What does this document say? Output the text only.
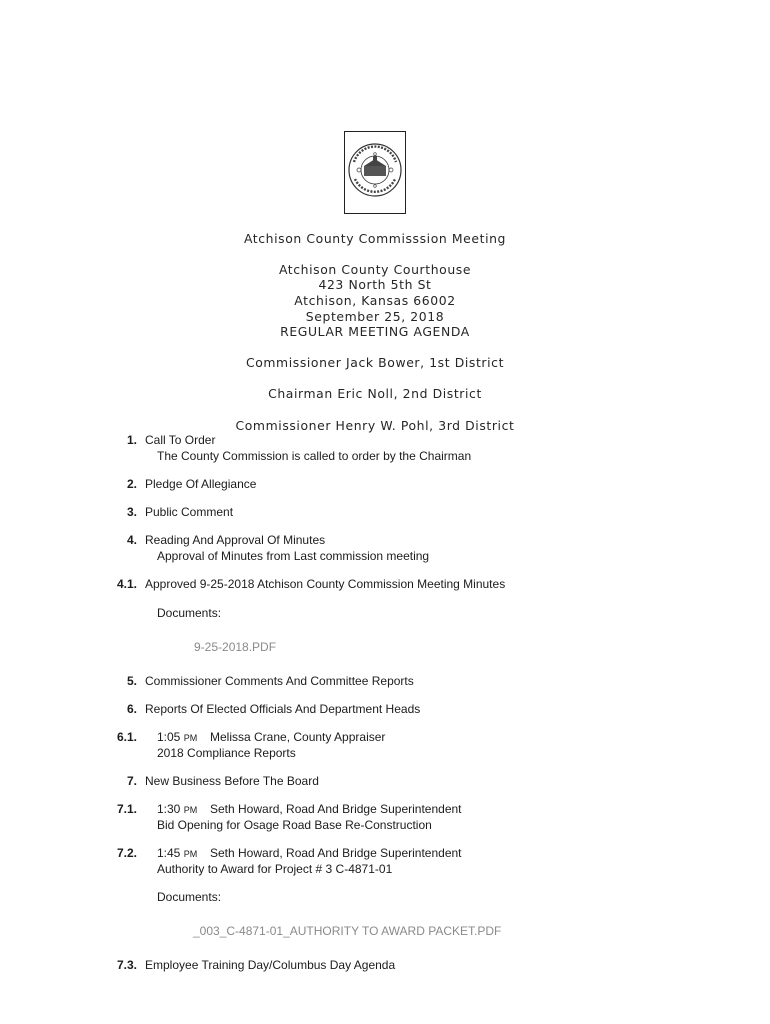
Atchison County Commisssion Meeting
Atchison County Courthouse
423 North 5th St
Atchison, Kansas 66002
September 25, 2018
REGULAR MEETING AGENDA
Commissioner Jack Bower, 1st District
Chairman Eric Noll, 2nd District
Commissioner Henry W. Pohl, 3rd District
1. Call To Order
The County Commission is called to order by the Chairman
2. Pledge Of Allegiance
3. Public Comment
4. Reading And Approval Of Minutes
Approval of Minutes from Last commission meeting
4.1. Approved 9-25-2018 Atchison County Commission Meeting Minutes
Documents:
9-25-2018.PDF
5. Commissioner Comments And Committee Reports
6. Reports Of Elected Officials And Department Heads
6.1. 1:05 PM Melissa Crane, County Appraiser
2018 Compliance Reports
7. New Business Before The Board
7.1. 1:30 PM Seth Howard, Road And Bridge Superintendent
Bid Opening for Osage Road Base Re-Construction
7.2. 1:45 PM Seth Howard, Road And Bridge Superintendent
Authority to Award for Project # 3 C-4871-01
Documents:
_003_C-4871-01_AUTHORITY TO AWARD PACKET.PDF
7.3. Employee Training Day/Columbus Day Agenda
